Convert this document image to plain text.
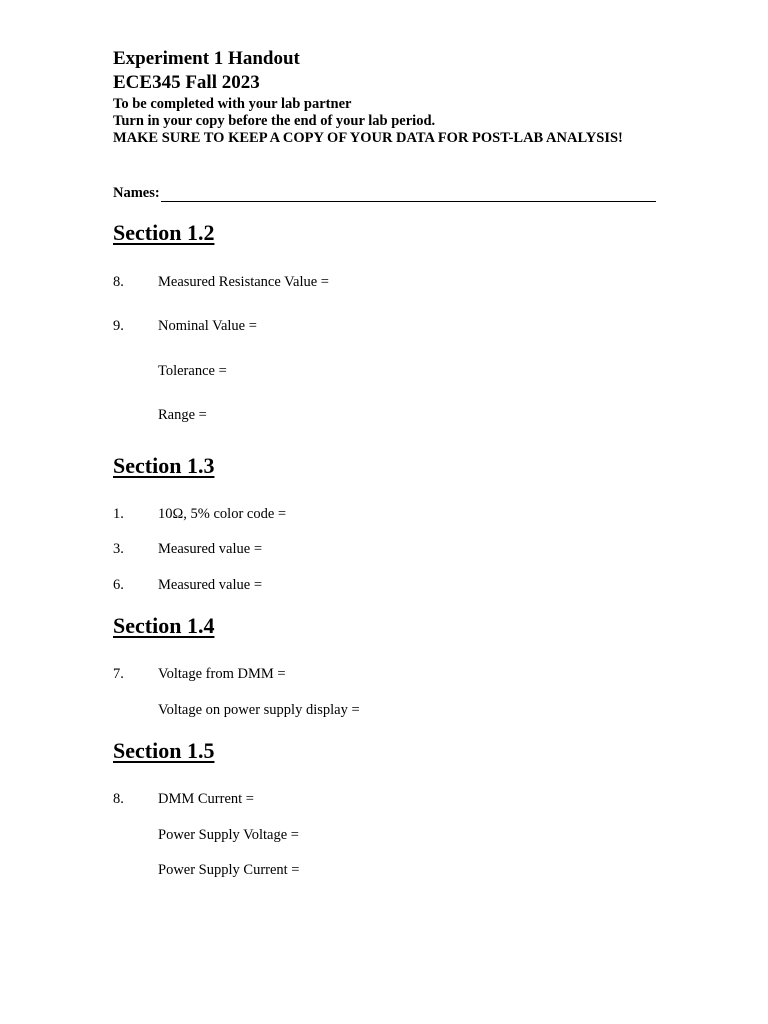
Experiment 1 Handout
ECE345 Fall 2023
To be completed with your lab partner
Turn in your copy before the end of your lab period.
MAKE SURE TO KEEP A COPY OF YOUR DATA FOR POST-LAB ANALYSIS!
Names:
Section 1.2
8. Measured Resistance Value =
9. Nominal Value =
Tolerance =
Range =
Section 1.3
1. 10Ω, 5% color code =
3. Measured value =
6. Measured value =
Section 1.4
7. Voltage from DMM =
Voltage on power supply display =
Section 1.5
8. DMM Current =
Power Supply Voltage =
Power Supply Current =
